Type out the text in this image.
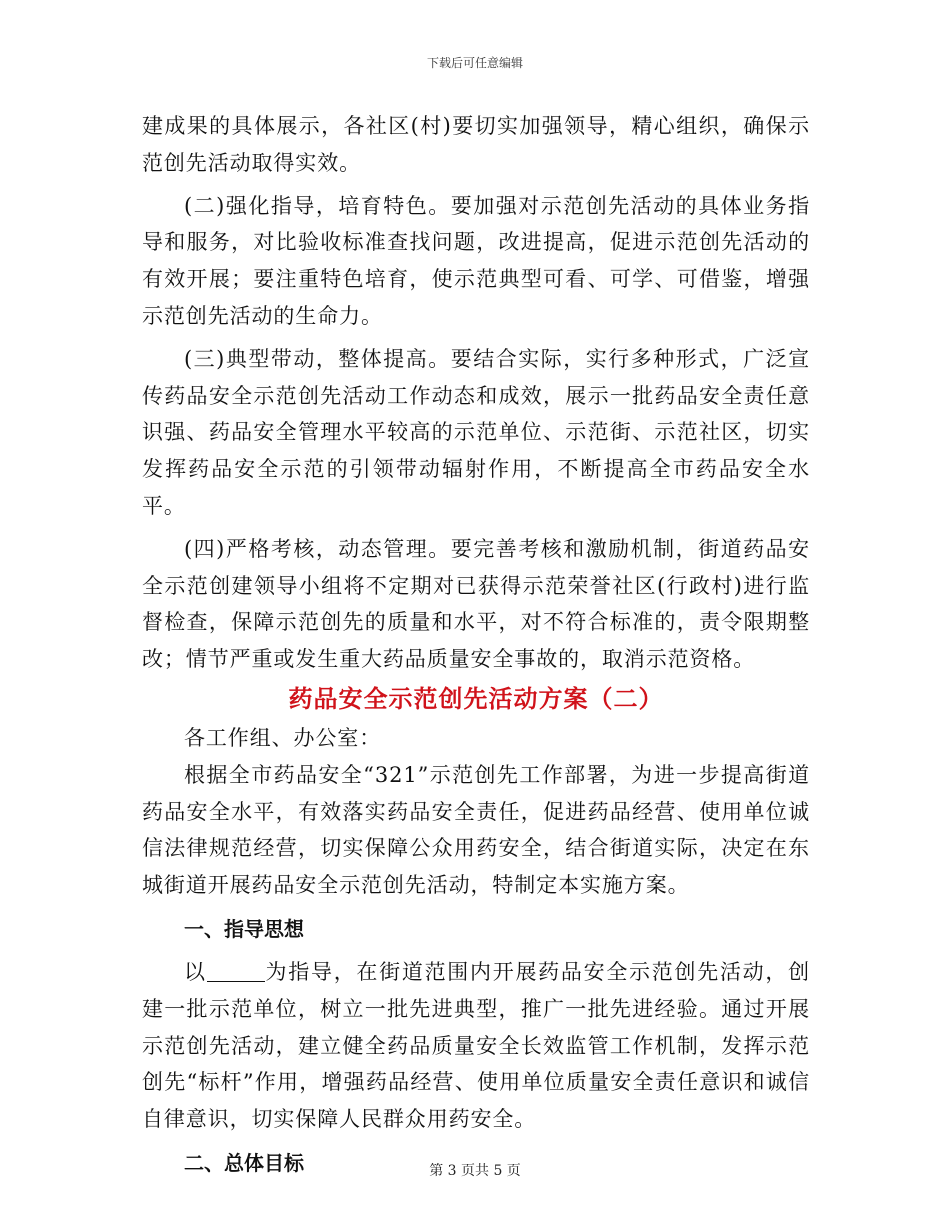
下载后可任意编辑

建成果的具体展示，各社区(村)要切实加强领导，精心组织，确保示范创先活动取得实效。

(二)强化指导，培育特色。要加强对示范创先活动的具体业务指导和服务，对比验收标准查找问题，改进提高，促进示范创先活动的有效开展；要注重特色培育，使示范典型可看、可学、可借鉴，增强示范创先活动的生命力。

(三)典型带动，整体提高。要结合实际，实行多种形式，广泛宣传药品安全示范创先活动工作动态和成效，展示一批药品安全责任意识强、药品安全管理水平较高的示范单位、示范街、示范社区，切实发挥药品安全示范的引领带动辐射作用，不断提高全市药品安全水平。

(四)严格考核，动态管理。要完善考核和激励机制，街道药品安全示范创建领导小组将不定期对已获得示范荣誉社区(行政村)进行监督检查，保障示范创先的质量和水平，对不符合标准的，责令限期整改；情节严重或发生重大药品质量安全事故的，取消示范资格。

药品安全示范创先活动方案（二）

各工作组、办公室：

根据全市药品安全“321”示范创先工作部署，为进一步提高街道药品安全水平，有效落实药品安全责任，促进药品经营、使用单位诚信法律规范经营，切实保障公众用药安全，结合街道实际，决定在东城街道开展药品安全示范创先活动，特制定本实施方案。

一、指导思想

以	为指导，在街道范围内开展药品安全示范创先活动，创建一批示范单位，树立一批先进典型，推广一批先进经验。通过开展示范创先活动，建立健全药品质量安全长效监管工作机制，发挥示范创先“标杆”作用，增强药品经营、使用单位质量安全责任意识和诚信自律意识，切实保障人民群众用药安全。

二、总体目标	第 3 页共 5 页
